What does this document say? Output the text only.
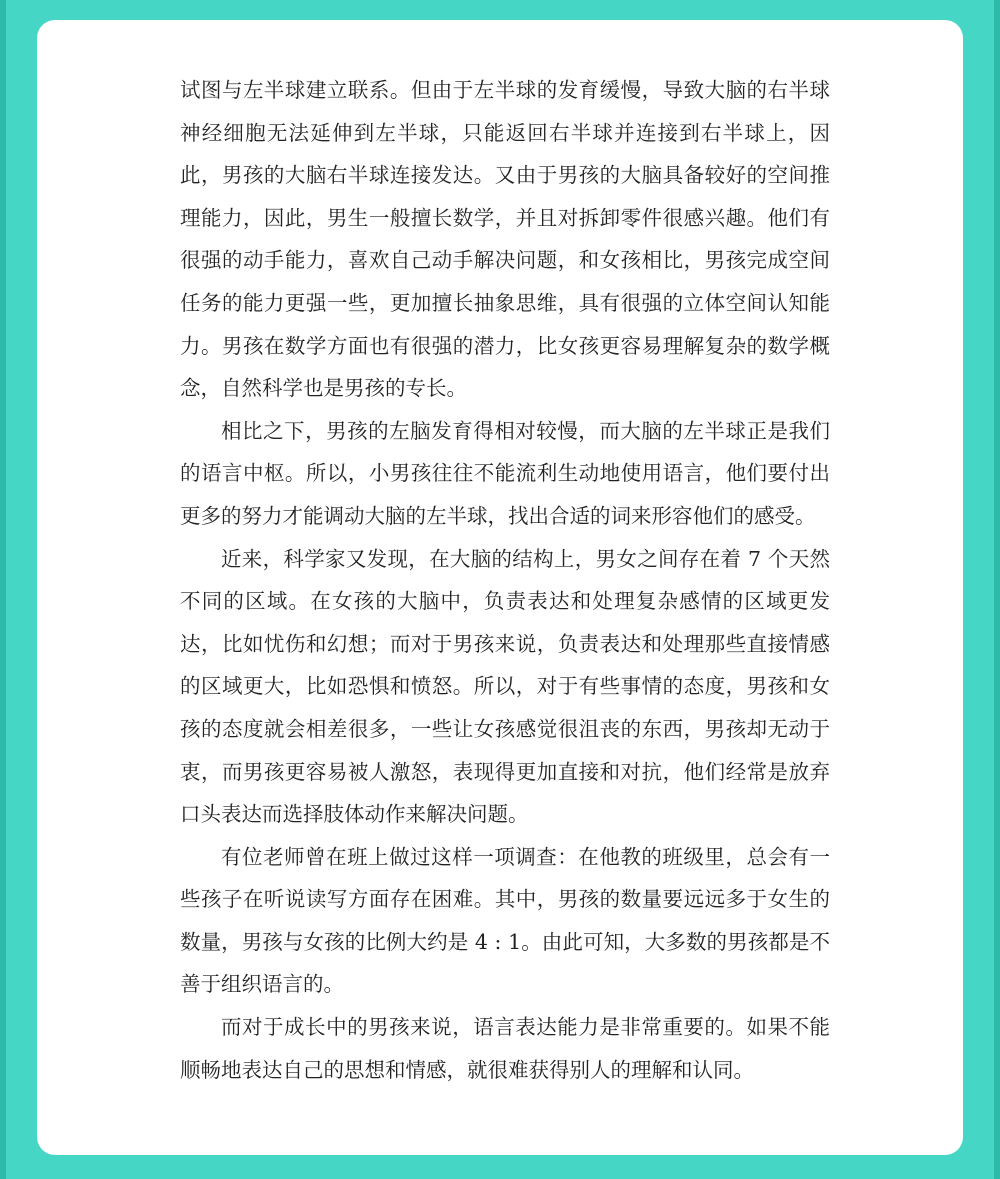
试图与左半球建立联系。但由于左半球的发育缓慢，导致大脑的右半球神经细胞无法延伸到左半球，只能返回右半球并连接到右半球上，因此，男孩的大脑右半球连接发达。又由于男孩的大脑具备较好的空间推理能力，因此，男生一般擅长数学，并且对拆卸零件很感兴趣。他们有很强的动手能力，喜欢自己动手解决问题，和女孩相比，男孩完成空间任务的能力更强一些，更加擅长抽象思维，具有很强的立体空间认知能力。男孩在数学方面也有很强的潜力，比女孩更容易理解复杂的数学概念，自然科学也是男孩的专长。

相比之下，男孩的左脑发育得相对较慢，而大脑的左半球正是我们的语言中枢。所以，小男孩往往不能流利生动地使用语言，他们要付出更多的努力才能调动大脑的左半球，找出合适的词来形容他们的感受。

近来，科学家又发现，在大脑的结构上，男女之间存在着 7 个天然不同的区域。在女孩的大脑中，负责表达和处理复杂感情的区域更发达，比如忧伤和幻想；而对于男孩来说，负责表达和处理那些直接情感的区域更大，比如恐惧和愤怒。所以，对于有些事情的态度，男孩和女孩的态度就会相差很多，一些让女孩感觉很沮丧的东西，男孩却无动于衷，而男孩更容易被人激怒，表现得更加直接和对抗，他们经常是放弃口头表达而选择肢体动作来解决问题。

有位老师曾在班上做过这样一项调查：在他教的班级里，总会有一些孩子在听说读写方面存在困难。其中，男孩的数量要远远多于女生的数量，男孩与女孩的比例大约是 4 : 1。由此可知，大多数的男孩都是不善于组织语言的。

而对于成长中的男孩来说，语言表达能力是非常重要的。如果不能顺畅地表达自己的思想和情感，就很难获得别人的理解和认同。
